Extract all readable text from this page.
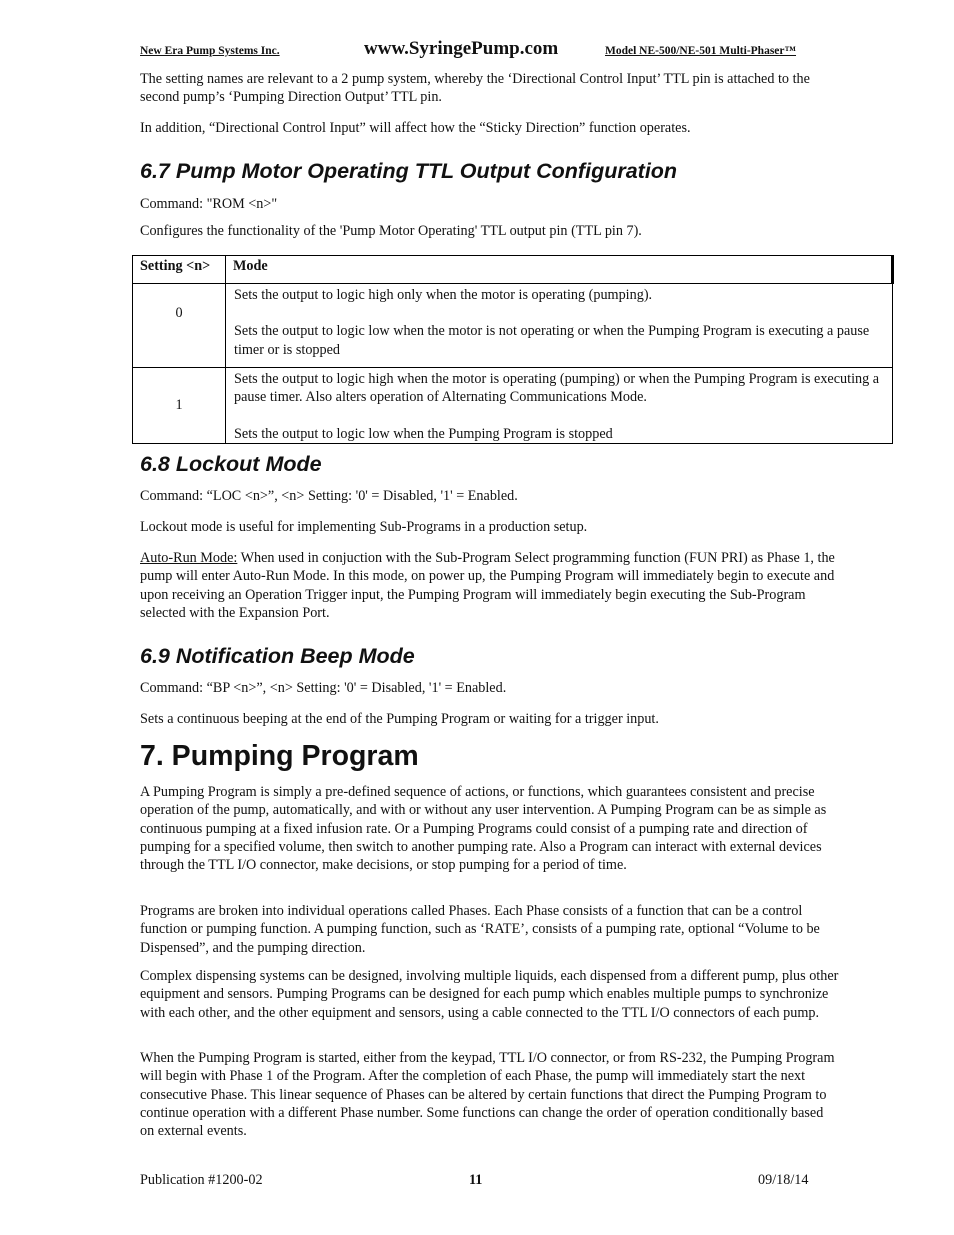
New Era Pump Systems Inc.	www.SyringePump.com	Model NE-500/NE-501 Multi-Phaser™

The setting names are relevant to a 2 pump system, whereby the ‘Directional Control Input’ TTL pin is attached to the second pump’s ‘Pumping Direction Output’ TTL pin.

In addition, “Directional Control Input” will affect how the “Sticky Direction” function operates.

6.7 Pump Motor Operating TTL Output Configuration

Command: "ROM <n>"

Configures the functionality of the 'Pump Motor Operating' TTL output pin (TTL pin 7).

Setting <n>	Mode
0	Sets the output to logic high only when the motor is operating (pumping).

Sets the output to logic low when the motor is not operating or when the Pumping Program is executing a pause timer or is stopped

1	Sets the output to logic high when the motor is operating (pumping) or when the Pumping Program is executing a pause timer. Also alters operation of Alternating Communications Mode.

Sets the output to logic low when the Pumping Program is stopped

6.8 Lockout Mode

Command: “LOC <n>”, <n> Setting: '0' = Disabled, '1' = Enabled.

Lockout mode is useful for implementing Sub-Programs in a production setup.

Auto-Run Mode: When used in conjuction with the Sub-Program Select programming function (FUN PRI) as Phase 1, the pump will enter Auto-Run Mode. In this mode, on power up, the Pumping Program will immediately begin to execute and upon receiving an Operation Trigger input, the Pumping Program will immediately begin executing the Sub-Program selected with the Expansion Port.

6.9 Notification Beep Mode

Command: “BP <n>”, <n> Setting: '0' = Disabled, '1' = Enabled.

Sets a continuous beeping at the end of the Pumping Program or waiting for a trigger input.

7. Pumping Program

A Pumping Program is simply a pre-defined sequence of actions, or functions, which guarantees consistent and precise operation of the pump, automatically, and with or without any user intervention. A Pumping Program can be as simple as continuous pumping at a fixed infusion rate. Or a Pumping Programs could consist of a pumping rate and direction of pumping for a specified volume, then switch to another pumping rate. Also a Program can interact with external devices through the TTL I/O connector, make decisions, or stop pumping for a period of time.

Programs are broken into individual operations called Phases. Each Phase consists of a function that can be a control function or pumping function. A pumping function, such as ‘RATE’, consists of a pumping rate, optional “Volume to be Dispensed”, and the pumping direction.

Complex dispensing systems can be designed, involving multiple liquids, each dispensed from a different pump, plus other equipment and sensors. Pumping Programs can be designed for each pump which enables multiple pumps to synchronize with each other, and the other equipment and sensors, using a cable connected to the TTL I/O connectors of each pump.

When the Pumping Program is started, either from the keypad, TTL I/O connector, or from RS-232, the Pumping Program will begin with Phase 1 of the Program. After the completion of each Phase, the pump will immediately start the next consecutive Phase. This linear sequence of Phases can be altered by certain functions that direct the Pumping Program to continue operation with a different Phase number. Some functions can change the order of operation conditionally based on external events.

Publication #1200-02	11	09/18/14
